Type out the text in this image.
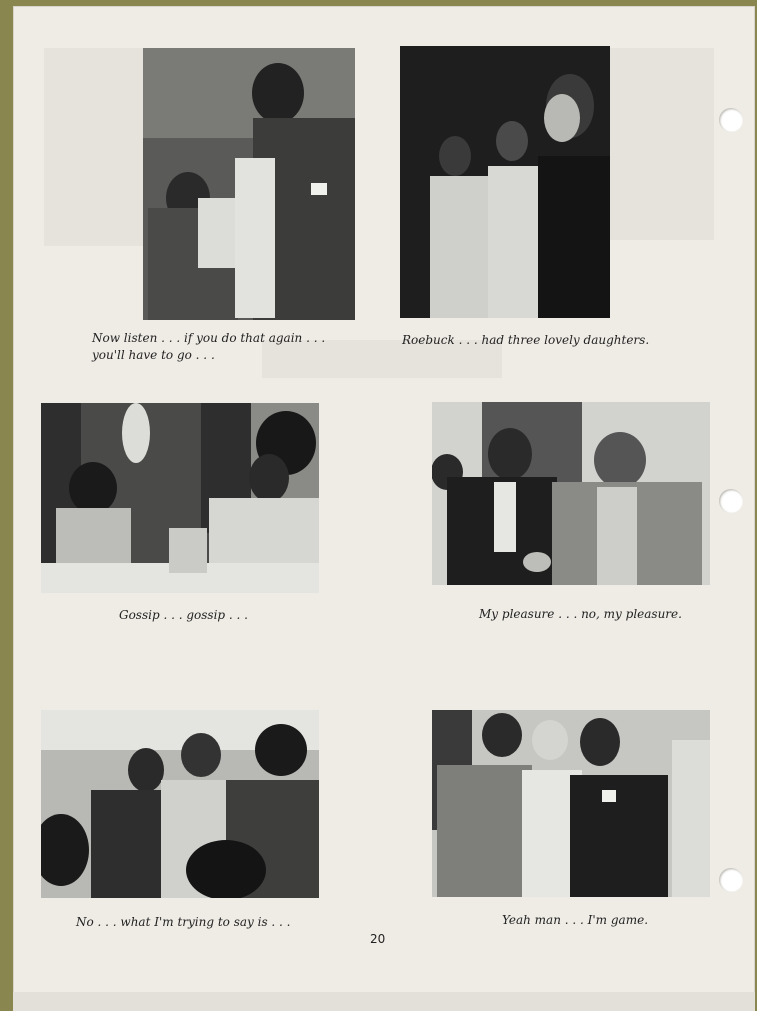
Now listen . . . if you do that again . . .
you'll have to go . . .
Roebuck . . . had three lovely daughters.
Gossip . . . gossip . . .	My pleasure . . . no, my pleasure.
No . . . what I'm trying to say is . . .	Yeah man . . . I'm game.
20
